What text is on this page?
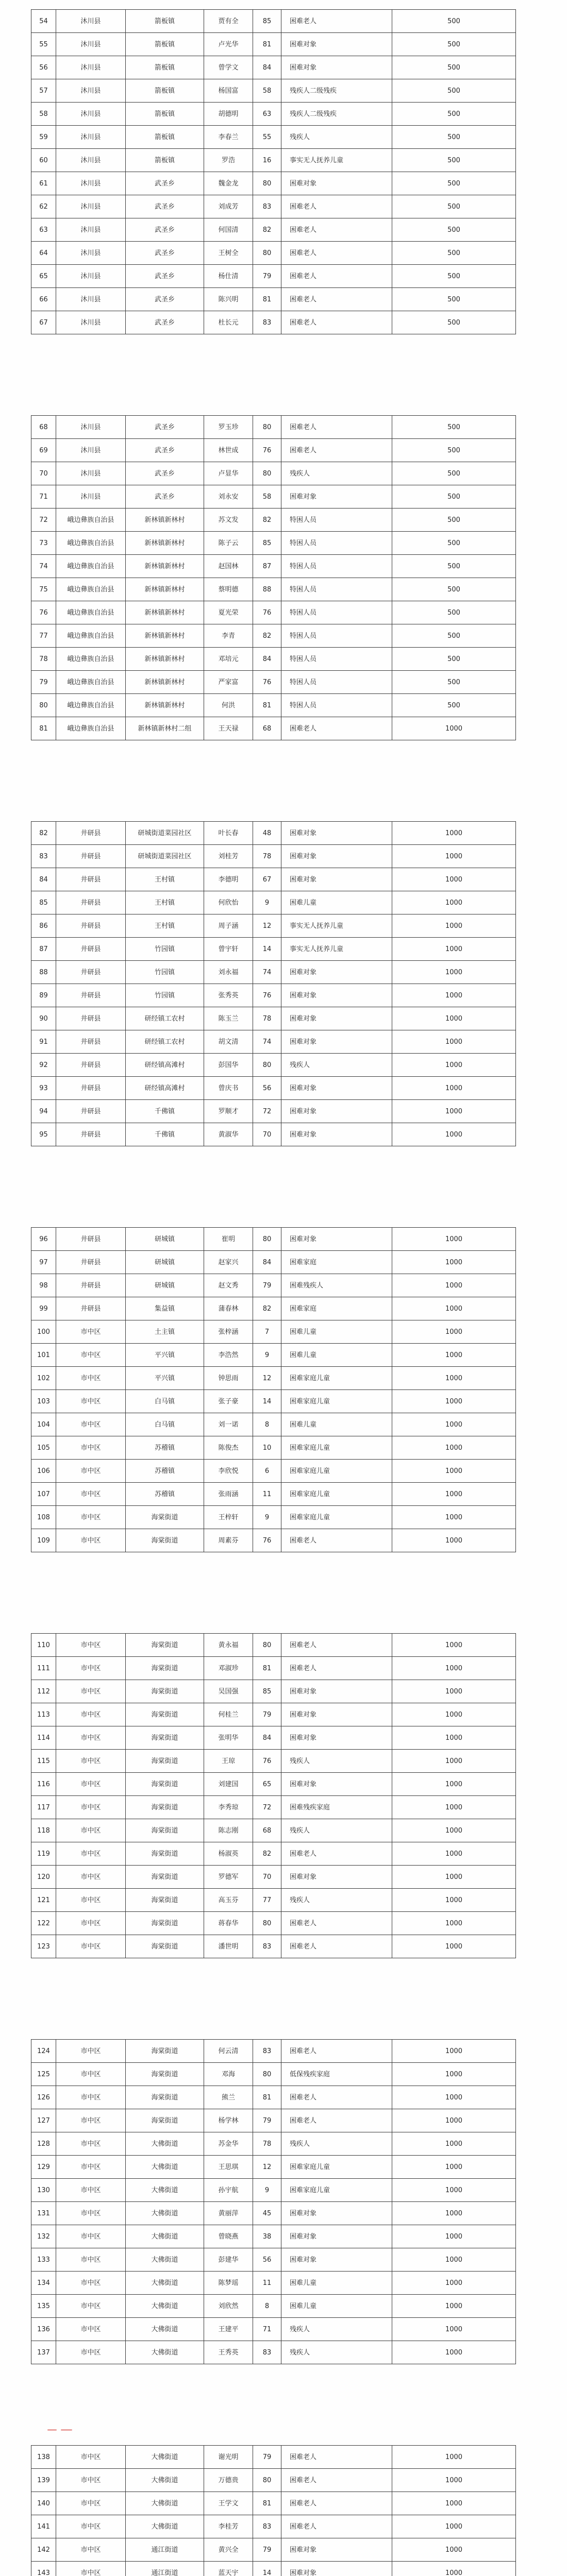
54	沐川县	箭板镇	贾有全	85	困难老人	500
55	沐川县	箭板镇	卢光华	81	困难对象	500
56	沐川县	箭板镇	曾学文	84	困难对象	500
57	沐川县	箭板镇	杨国富	58	残疾人二级残疾	500
58	沐川县	箭板镇	胡德明	63	残疾人二级残疾	500
59	沐川县	箭板镇	李春兰	55	残疾人	500
60	沐川县	箭板镇	罗浩	16	事实无人抚养儿童	500
61	沐川县	武圣乡	魏金龙	80	困难对象	500
62	沐川县	武圣乡	刘成芳	83	困难老人	500
63	沐川县	武圣乡	何国清	82	困难老人	500
64	沐川县	武圣乡	王树全	80	困难老人	500
65	沐川县	武圣乡	杨仕清	79	困难老人	500
66	沐川县	武圣乡	陈兴明	81	困难老人	500
67	沐川县	武圣乡	杜长元	83	困难老人	500
68	沐川县	武圣乡	罗玉珍	80	困难老人	500
69	沐川县	武圣乡	林世成	76	困难老人	500
70	沐川县	武圣乡	卢显华	80	残疾人	500
71	沐川县	武圣乡	刘永安	58	困难对象	500
72	峨边彝族自治县	新林镇新林村	苏文发	82	特困人员	500
73	峨边彝族自治县	新林镇新林村	陈子云	85	特困人员	500
74	峨边彝族自治县	新林镇新林村	赵国林	87	特困人员	500
75	峨边彝族自治县	新林镇新林村	蔡明德	88	特困人员	500
76	峨边彝族自治县	新林镇新林村	夏光荣	76	特困人员	500
77	峨边彝族自治县	新林镇新林村	李青	82	特困人员	500
78	峨边彝族自治县	新林镇新林村	邓培元	84	特困人员	500
79	峨边彝族自治县	新林镇新林村	严家富	76	特困人员	500
80	峨边彝族自治县	新林镇新林村	何洪	81	特困人员	500
81	峨边彝族自治县	新林镇新林村二组	王天禄	68	困难老人	1000
82	井研县	研城街道菜园社区	叶长春	48	困难对象	1000
83	井研县	研城街道菜园社区	刘桂芳	78	困难对象	1000
84	井研县	王村镇	李德明	67	困难对象	1000
85	井研县	王村镇	何欣怡	9	困难儿童	1000
86	井研县	王村镇	周子涵	12	事实无人抚养儿童	1000
87	井研县	竹园镇	曾宇轩	14	事实无人抚养儿童	1000
88	井研县	竹园镇	刘永福	74	困难对象	1000
89	井研县	竹园镇	张秀英	76	困难对象	1000
90	井研县	研经镇工农村	陈玉兰	78	困难对象	1000
91	井研县	研经镇工农村	胡文清	74	困难对象	1000
92	井研县	研经镇高滩村	彭国华	80	残疾人	1000
93	井研县	研经镇高滩村	曾庆书	56	困难对象	1000
94	井研县	千佛镇	罗顺才	72	困难对象	1000
95	井研县	千佛镇	黄淑华	70	困难对象	1000
96	井研县	研城镇	崔明	80	困难对象	1000
97	井研县	研城镇	赵家兴	84	困难家庭	1000
98	井研县	研城镇	赵文秀	79	困难残疾人	1000
99	井研县	集益镇	蒲春林	82	困难家庭	1000
100	市中区	土主镇	张梓涵	7	困难儿童	1000
101	市中区	平兴镇	李浩然	9	困难儿童	1000
102	市中区	平兴镇	钟思雨	12	困难家庭儿童	1000
103	市中区	白马镇	张子豪	14	困难家庭儿童	1000
104	市中区	白马镇	刘一诺	8	困难儿童	1000
105	市中区	苏稽镇	陈俊杰	10	困难家庭儿童	1000
106	市中区	苏稽镇	李欣悦	6	困难家庭儿童	1000
107	市中区	苏稽镇	张雨涵	11	困难家庭儿童	1000
108	市中区	海棠街道	王梓轩	9	困难家庭儿童	1000
109	市中区	海棠街道	周素芬	76	困难老人	1000
110	市中区	海棠街道	黄永福	80	困难老人	1000
111	市中区	海棠街道	邓淑珍	81	困难老人	1000
112	市中区	海棠街道	吴国强	85	困难对象	1000
113	市中区	海棠街道	何桂兰	79	困难对象	1000
114	市中区	海棠街道	张明华	84	困难对象	1000
115	市中区	海棠街道	王琼	76	残疾人	1000
116	市中区	海棠街道	刘建国	65	困难对象	1000
117	市中区	海棠街道	李秀琼	72	困难残疾家庭	1000
118	市中区	海棠街道	陈志刚	68	残疾人	1000
119	市中区	海棠街道	杨淑英	82	困难老人	1000
120	市中区	海棠街道	罗德军	70	困难对象	1000
121	市中区	海棠街道	高玉芬	77	残疾人	1000
122	市中区	海棠街道	蒋春华	80	困难老人	1000
123	市中区	海棠街道	潘世明	83	困难老人	1000
124	市中区	海棠街道	何云清	83	困难老人	1000
125	市中区	海棠街道	邓海	80	低保残疾家庭	1000
126	市中区	海棠街道	熊兰	81	困难老人	1000
127	市中区	海棠街道	杨学林	79	困难老人	1000
128	市中区	大佛街道	苏金华	78	残疾人	1000
129	市中区	大佛街道	王思琪	12	困难家庭儿童	1000
130	市中区	大佛街道	孙宇航	9	困难家庭儿童	1000
131	市中区	大佛街道	黄丽萍	45	困难对象	1000
132	市中区	大佛街道	曾晓燕	38	困难对象	1000
133	市中区	大佛街道	彭建华	56	困难对象	1000
134	市中区	大佛街道	陈梦瑶	11	困难儿童	1000
135	市中区	大佛街道	刘欣然	8	困难儿童	1000
136	市中区	大佛街道	王建平	71	残疾人	1000
137	市中区	大佛街道	王秀英	83	残疾人	1000
138	市中区	大佛街道	谢光明	79	困难老人	1000
139	市中区	大佛街道	万德贵	80	困难老人	1000
140	市中区	大佛街道	王学文	81	困难老人	1000
141	市中区	大佛街道	李桂芳	83	困难老人	1000
142	市中区	通江街道	黄兴全	79	困难对象	1000
143	市中区	通江街道	蓝天宇	14	困难对象	1000
